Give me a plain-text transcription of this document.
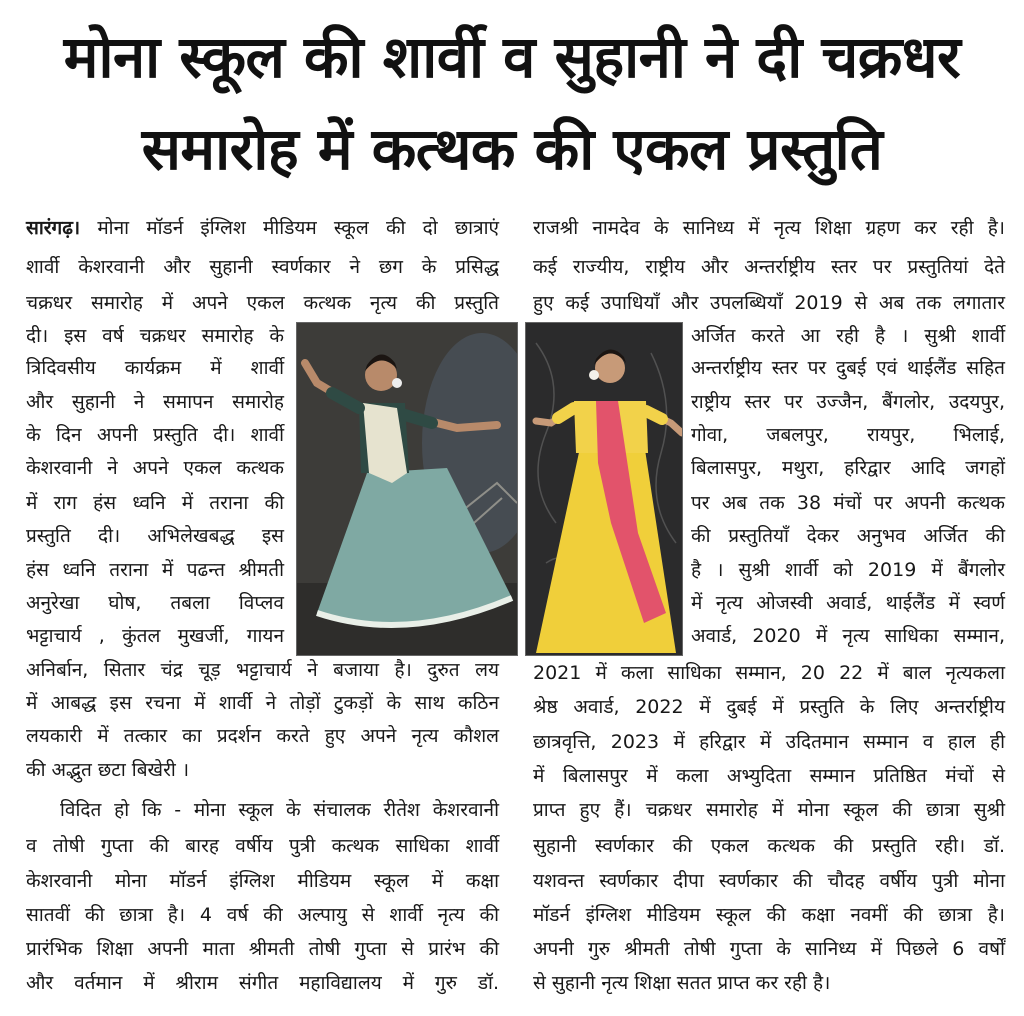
मोना स्कूल की शार्वी व सुहानी ने दी चक्रधर
समारोह में कत्थक की एकल प्रस्तुति
सारंगढ़। मोना मॉडर्न इंग्लिश मीडियम स्कूल की दो छात्राएं
शार्वी केशरवानी और सुहानी स्वर्णकार ने छग के प्रसिद्ध
चक्रधर समारोह में अपने एकल कत्थक नृत्य की प्रस्तुति
दी। इस वर्ष चक्रधर समारोह के
त्रिदिवसीय कार्यक्रम में शार्वी
और सुहानी ने समापन समारोह
के दिन अपनी प्रस्तुति दी। शार्वी
केशरवानी ने अपने एकल कत्थक
में राग हंस ध्वनि में तराना की
प्रस्तुति दी। अभिलेखबद्ध इस
हंस ध्वनि तराना में पढन्त श्रीमती
अनुरेखा घोष, तबला विप्लव
भट्टाचार्य , कुंतल मुखर्जी, गायन
अनिर्बान, सितार चंद्र चूड़ भट्टाचार्य ने बजाया है। दुरुत लय
में आबद्ध इस रचना में शार्वी ने तोड़ों टुकड़ों के साथ कठिन
लयकारी में तत्कार का प्रदर्शन करते हुए अपने नृत्य कौशल
की अद्भुत छटा बिखेरी ।
विदित हो कि - मोना स्कूल के संचालक रीतेश केशरवानी
व तोषी गुप्ता की बारह वर्षीय पुत्री कत्थक साधिका शार्वी
केशरवानी मोना मॉडर्न इंग्लिश मीडियम स्कूल में कक्षा
सातवीं की छात्रा है। 4 वर्ष की अल्पायु से शार्वी नृत्य की
प्रारंभिक शिक्षा अपनी माता श्रीमती तोषी गुप्ता से प्रारंभ की
और वर्तमान में श्रीराम संगीत महाविद्यालय में गुरु डॉ.
राजश्री नामदेव के सानिध्य में नृत्य शिक्षा ग्रहण कर रही है।
कई राज्यीय, राष्ट्रीय और अन्तर्राष्ट्रीय स्तर पर प्रस्तुतियां देते
हुए कई उपाधियाँ और उपलब्धियाँ 2019 से अब तक लगातार
अर्जित करते आ रही है । सुश्री शार्वी
अन्तर्राष्ट्रीय स्तर पर दुबई एवं थाईलैंड सहित
राष्ट्रीय स्तर पर उज्जैन, बैंगलोर, उदयपुर,
गोवा, जबलपुर, रायपुर, भिलाई,
बिलासपुर, मथुरा, हरिद्वार आदि जगहों
पर अब तक 38 मंचों पर अपनी कत्थक
की प्रस्तुतियाँ देकर अनुभव अर्जित की
है । सुश्री शार्वी को 2019 में बैंगलोर
में नृत्य ओजस्वी अवार्ड, थाईलैंड में स्वर्ण
अवार्ड, 2020 में नृत्य साधिका सम्मान,
2021 में कला साधिका सम्मान, 20 22 में बाल नृत्यकला
श्रेष्ठ अवार्ड, 2022 में दुबई में प्रस्तुति के लिए अन्तर्राष्ट्रीय
छात्रवृत्ति, 2023 में हरिद्वार में उदितमान सम्मान व हाल ही
में बिलासपुर में कला अभ्युदिता सम्मान प्रतिष्ठित मंचों से
प्राप्त हुए हैं। चक्रधर समारोह में मोना स्कूल की छात्रा सुश्री
सुहानी स्वर्णकार की एकल कत्थक की प्रस्तुति रही। डॉ.
यशवन्त स्वर्णकार दीपा स्वर्णकार की चौदह वर्षीय पुत्री मोना
मॉडर्न इंग्लिश मीडियम स्कूल की कक्षा नवमीं की छात्रा है।
अपनी गुरु श्रीमती तोषी गुप्ता के सानिध्य में पिछले 6 वर्षों
से सुहानी नृत्य शिक्षा सतत प्राप्त कर रही है।
